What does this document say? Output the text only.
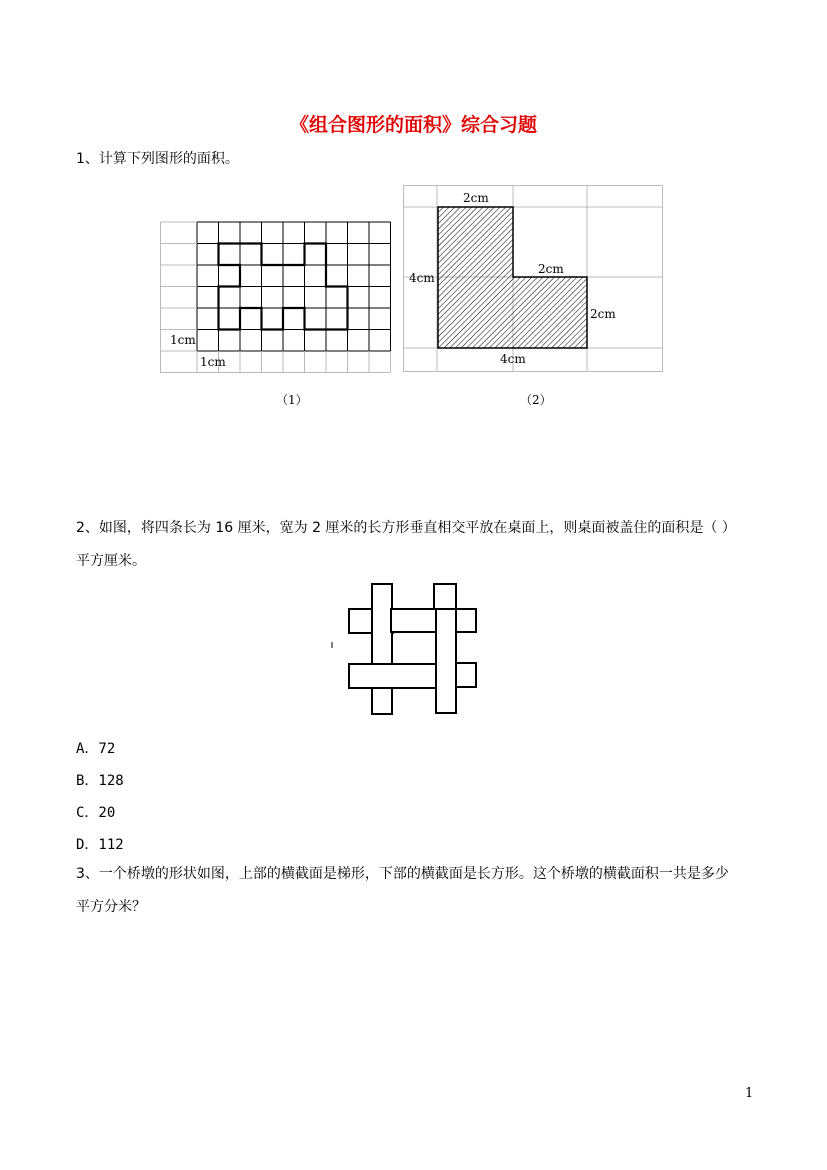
《组合图形的面积》综合习题
1、计算下列图形的面积。
1cm
1cm
2cm
4cm
2cm
2cm
4cm
（1）	（2）
2、如图，将四条长为 16 厘米，宽为 2 厘米的长方形垂直相交平放在桌面上，则桌面被盖住的面积是（ ）
平方厘米。
A．72
B．128
C．20
D．112
3、一个桥墩的形状如图，上部的横截面是梯形，下部的横截面是长方形。这个桥墩的横截面积一共是多少
平方分米？
1
